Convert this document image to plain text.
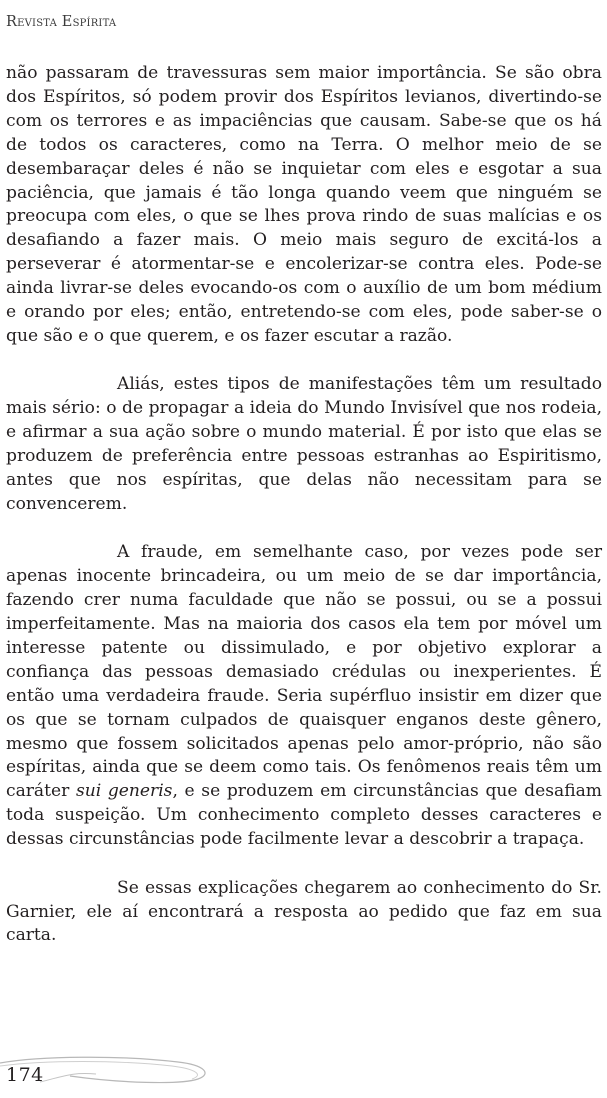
Revista Espírita

não passaram de travessuras sem maior importância. Se são obra dos Espíritos, só podem provir dos Espíritos levianos, divertindo-se com os terrores e as impaciências que causam. Sabe-se que os há de todos os caracteres, como na Terra. O melhor meio de se desembaraçar deles é não se inquietar com eles e esgotar a sua paciência, que jamais é tão longa quando veem que ninguém se preocupa com eles, o que se lhes prova rindo de suas malícias e os desafiando a fazer mais. O meio mais seguro de excitá-los a perseverar é atormentar-se e encolerizar-se contra eles. Pode-se ainda livrar-se deles evocando-os com o auxílio de um bom médium e orando por eles; então, entretendo-se com eles, pode saber-se o que são e o que querem, e os fazer escutar a razão.

Aliás, estes tipos de manifestações têm um resultado mais sério: o de propagar a ideia do Mundo Invisível que nos rodeia, e afirmar a sua ação sobre o mundo material. É por isto que elas se produzem de preferência entre pessoas estranhas ao Espiritismo, antes que nos espíritas, que delas não necessitam para se convencerem.

A fraude, em semelhante caso, por vezes pode ser apenas inocente brincadeira, ou um meio de se dar importância, fazendo crer numa faculdade que não se possui, ou se a possui imperfeitamente. Mas na maioria dos casos ela tem por móvel um interesse patente ou dissimulado, e por objetivo explorar a confiança das pessoas demasiado crédulas ou inexperientes. É então uma verdadeira fraude. Seria supérfluo insistir em dizer que os que se tornam culpados de quaisquer enganos deste gênero, mesmo que fossem solicitados apenas pelo amor-próprio, não são espíritas, ainda que se deem como tais. Os fenômenos reais têm um caráter sui generis, e se produzem em circunstâncias que desafiam toda suspeição. Um conhecimento completo desses caracteres e dessas circunstâncias pode facilmente levar a descobrir a trapaça.

Se essas explicações chegarem ao conhecimento do Sr. Garnier, ele aí encontrará a resposta ao pedido que faz em sua carta.

174
